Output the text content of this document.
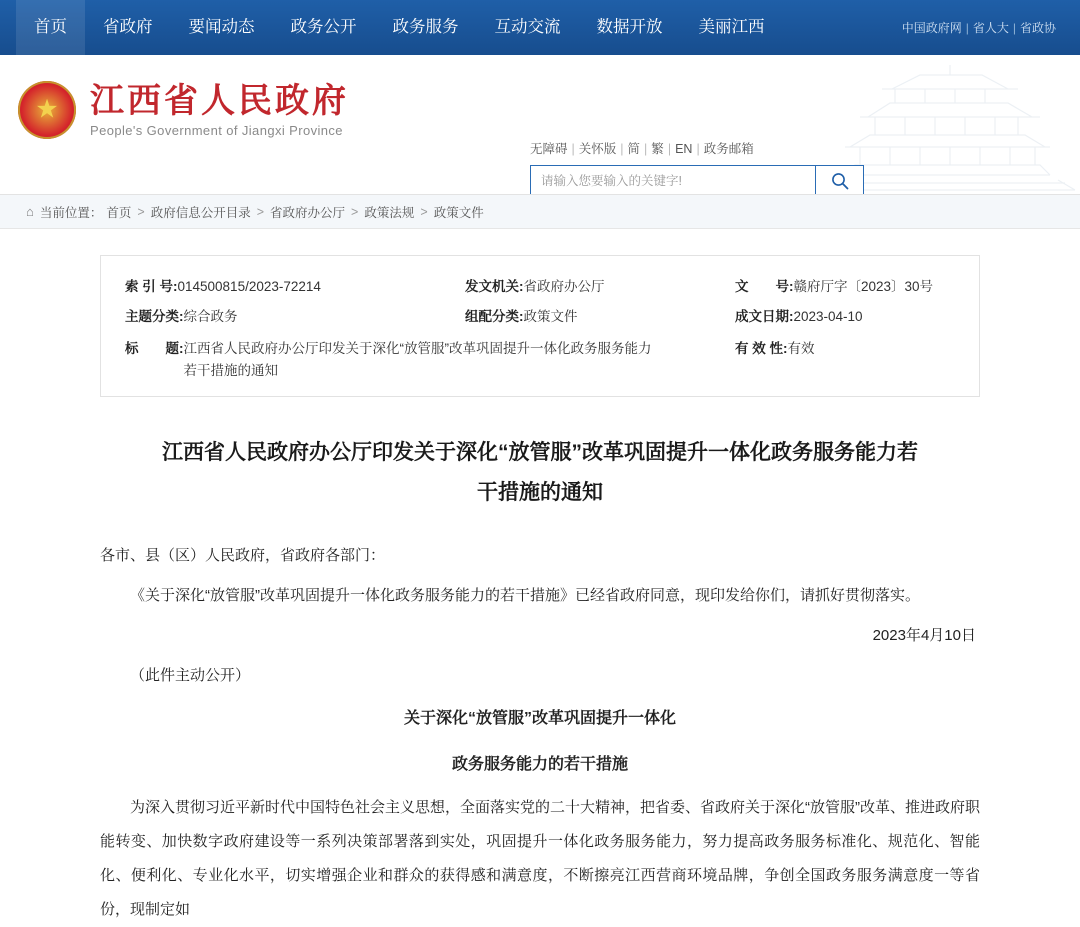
首页	省政府	要闻动态	政务公开	政务服务	互动交流	数据开放	美丽江西	中国政府网 | 省人大 | 省政协
★
江西省人民政府
People's Government of Jiangxi Province
无障碍 | 关怀版 | 简 | 繁 | EN | 政务邮箱
请输入您要输入的关键字!
⌂ 当前位置： 首页 > 政府信息公开目录 > 省政府办公厅 > 政策法规 > 政策文件
索 引 号: 014500815/2023-72214	发文机关: 省政府办公厅	文　　号: 赣府厅字〔2023〕30号
主题分类: 综合政务	组配分类: 政策文件	成文日期: 2023-04-10
标　　题: 江西省人民政府办公厅印发关于深化“放管服”改革巩固提升一体化政务服务能力若干措施的通知
有 效 性: 有效
江西省人民政府办公厅印发关于深化“放管服”改革巩固提升一体化政务服务能力若干措施的通知

各市、县（区）人民政府，省政府各部门：

《关于深化“放管服”改革巩固提升一体化政务服务能力的若干措施》已经省政府同意，现印发给你们，请抓好贯彻落实。

2023年4月10日

（此件主动公开）

关于深化“放管服”改革巩固提升一体化

政务服务能力的若干措施

为深入贯彻习近平新时代中国特色社会主义思想，全面落实党的二十大精神，把省委、省政府关于深化“放管服”改革、推进政府职能转变、加快数字政府建设等一系列决策部署落到实处，巩固提升一体化政务服务能力，努力提高政务服务标准化、规范化、智能化、便利化、专业化水平，切实增强企业和群众的获得感和满意度，不断擦亮江西营商环境品牌，争创全国政务服务满意度一等省份，现制定如
